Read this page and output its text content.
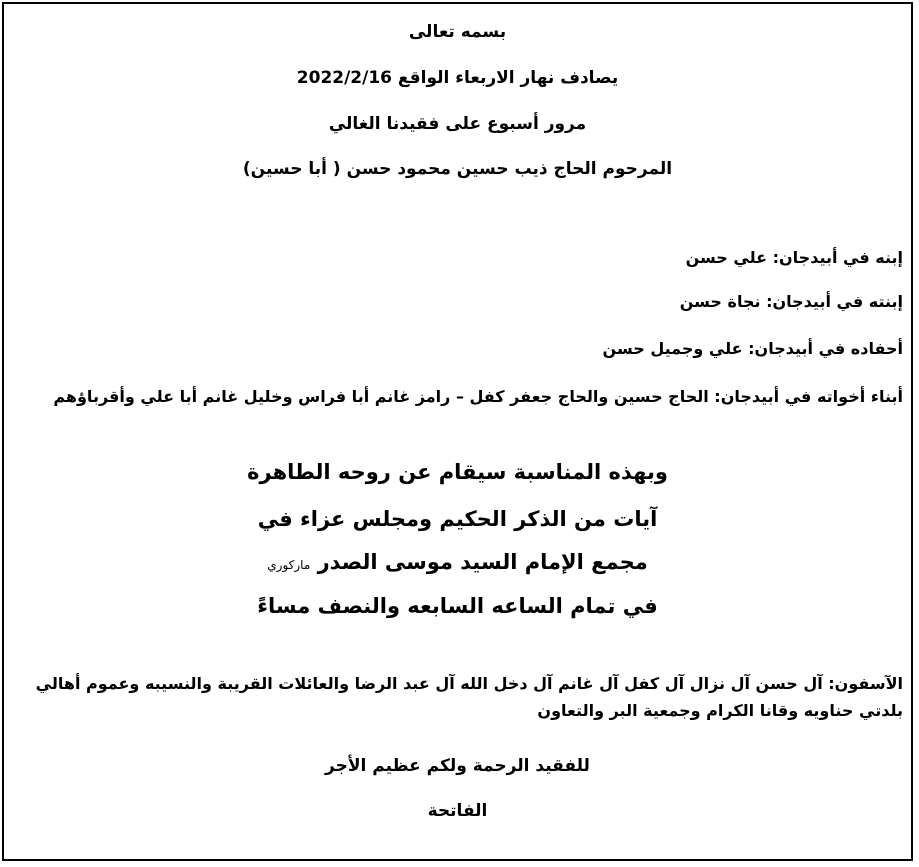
بسمه تعالى
يصادف نهار الاربعاء الواقع 2022/2/16
مرور أسبوع على فقيدنا الغالي
المرحوم الحاج ذيب حسين محمود حسن ( أبا حسين)
إبنه في أبيدجان: علي حسن
إبنته في أبيدجان: نجاة حسن
أحفاده في أبيدجان: علي وجميل حسن
أبناء أخواته في أبيدجان: الحاج حسين والحاج جعفر كفل – رامز غانم أبا فراس وخليل غانم أبا علي وأقرباؤهم
وبهذه المناسبة سيقام عن روحه الطاهرة
آيات من الذكر الحكيم ومجلس عزاء في
مجمع الإمام السيد موسى الصدر ماركوري
في تمام الساعه السابعه والنصف مساءً
الآسفون: آل حسن آل نزال آل كفل آل غانم آل دخل الله آل عبد الرضا والعائلات القريبة والنسيبه وعموم أهالي بلدتي حناويه وقانا الكرام وجمعية البر والتعاون
للفقيد الرحمة ولكم عظيم الأجر
الفاتحة
